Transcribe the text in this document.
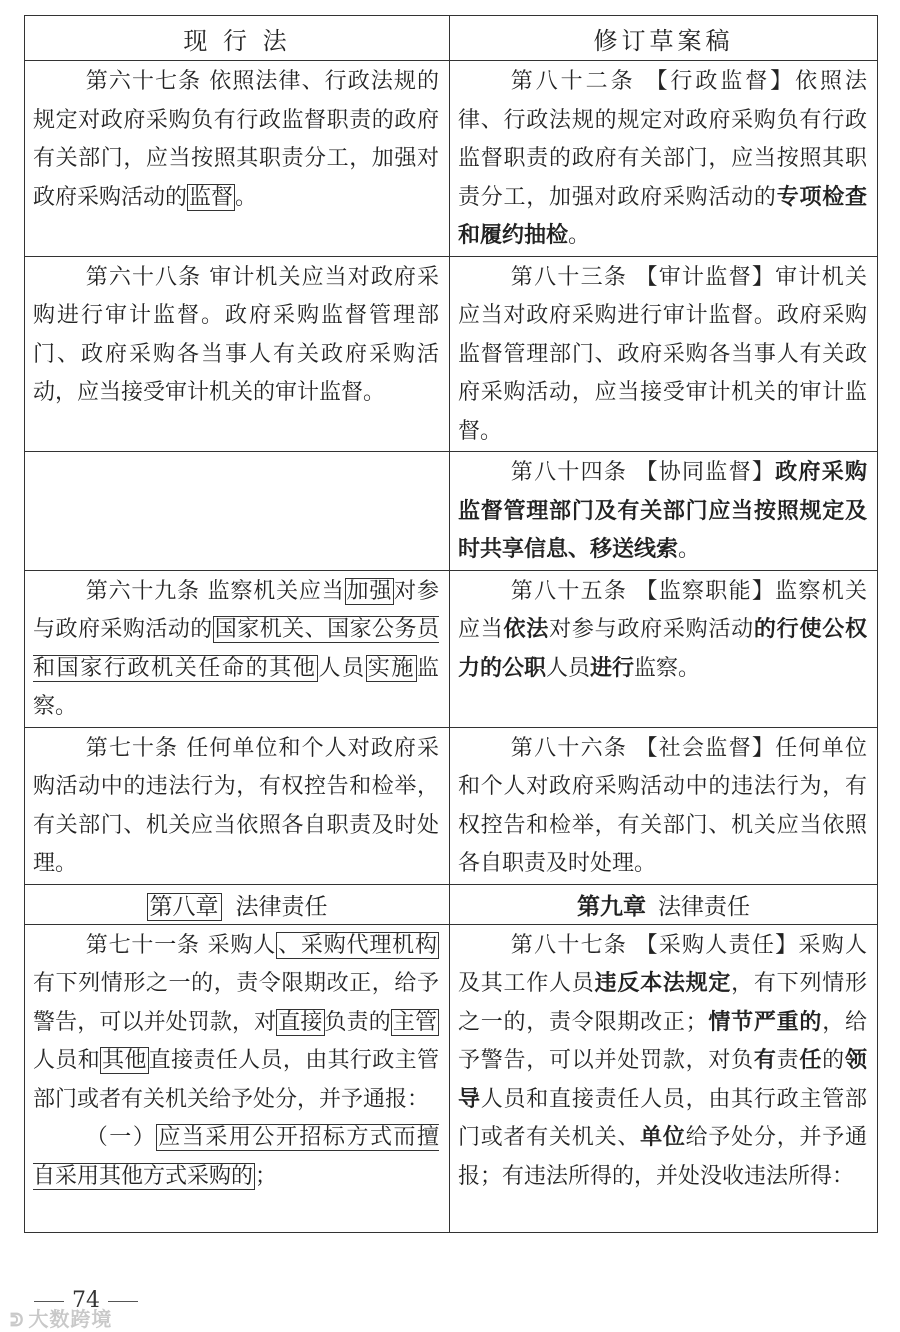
现 行 法	修订草案稿

第六十七条 依照法律、行政法规的规定对政府采购负有行政监督职责的政府有关部门，应当按照其职责分工，加强对政府采购活动的监督。	第八十二条 【行政监督】依照法律、行政法规的规定对政府采购负有行政监督职责的政府有关部门，应当按照其职责分工，加强对政府采购活动的专项检查和履约抽检。

第六十八条 审计机关应当对政府采购进行审计监督。政府采购监督管理部门、政府采购各当事人有关政府采购活动，应当接受审计机关的审计监督。	第八十三条 【审计监督】审计机关应当对政府采购进行审计监督。政府采购监督管理部门、政府采购各当事人有关政府采购活动，应当接受审计机关的审计监督。

	第八十四条 【协同监督】政府采购监督管理部门及有关部门应当按照规定及时共享信息、移送线索。

第六十九条 监察机关应当加强对参与政府采购活动的国家机关、国家公务员和国家行政机关任命的其他人员实施监察。	第八十五条 【监察职能】监察机关应当依法对参与政府采购活动的行使公权力的公职人员进行监察。

第七十条 任何单位和个人对政府采购活动中的违法行为，有权控告和检举，有关部门、机关应当依照各自职责及时处理。	第八十六条 【社会监督】任何单位和个人对政府采购活动中的违法行为，有权控告和检举，有关部门、机关应当依照各自职责及时处理。

第八章 法律责任	第九章 法律责任

第七十一条 采购人、采购代理机构有下列情形之一的，责令限期改正，给予警告，可以并处罚款，对直接负责的主管人员和其他直接责任人员，由其行政主管部门或者有关机关给予处分，并予通报：

（一）应当采用公开招标方式而擅自采用其他方式采购的；	第八十七条 【采购人责任】采购人及其工作人员违反本法规定，有下列情形之一的，责令限期改正；情节严重的，给予警告，可以并处罚款，对负有责任的领导人员和直接责任人员，由其行政主管部门或者有关机关、单位给予处分，并予通报；有违法所得的，并处没收违法所得：

74
ᕲ 大数跨境
